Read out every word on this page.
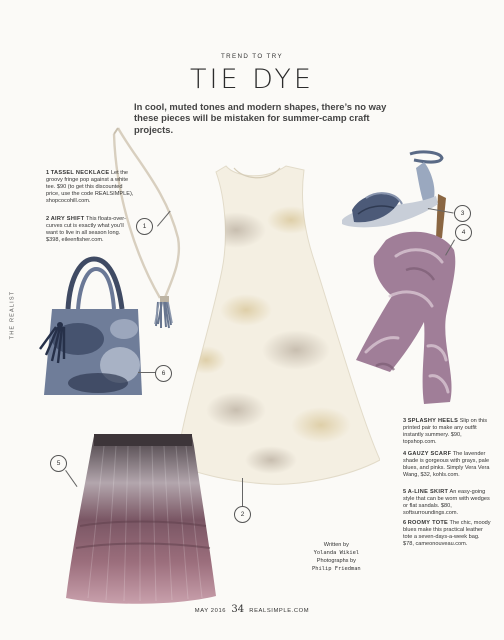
TREND TO TRY
TIE DYE
In cool, muted tones and modern shapes, there’s no way these pieces will be mistaken for summer-camp craft projects.
THE REALIST
1
2
3
4
5
6
1 TASSEL NECKLACE Let the groovy fringe pop against a white tee. $90 (to get this discounted price, use the code REALSIMPLE), shopcocohill.com.
2 AIRY SHIFT This floats-over-curves cut is exactly what you’ll want to live in all season long. $398, eileenfisher.com.
3 SPLASHY HEELS Slip on this printed pair to make any outfit instantly summery. $90, topshop.com.
4 GAUZY SCARF The lavender shade is gorgeous with grays, pale blues, and pinks. Simply Vera Vera Wang, $32, kohls.com.
5 A-LINE SKIRT An easy-going style that can be worn with wedges or flat sandals. $80, softsurroundings.com.
6 ROOMY TOTE The chic, moody blues make this practical leather tote a seven-days-a-week bag. $78, cameonouveau.com.
Written by
Yolanda Wikiel
Photographs by
Philip Friedman
MAY 2016 34 REALSIMPLE.COM
